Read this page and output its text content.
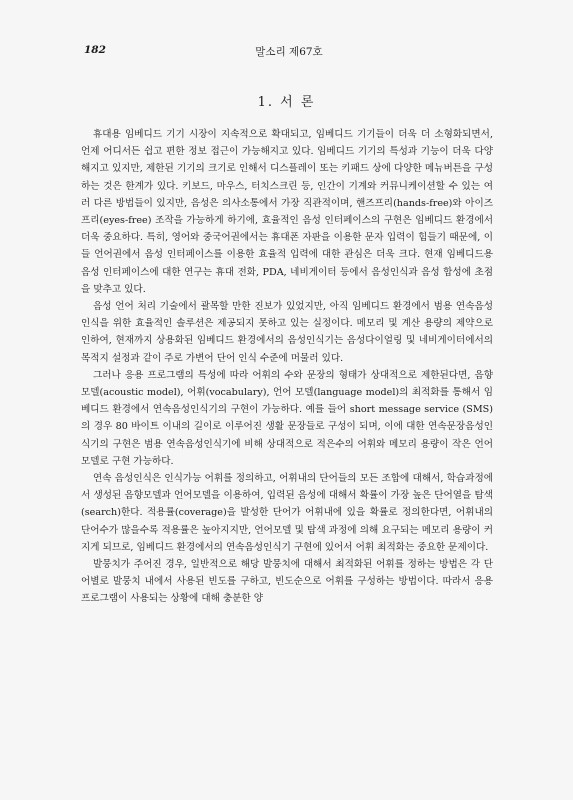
182	말소리 제67호
1. 서 론

휴대용 임베디드 기기 시장이 지속적으로 확대되고, 임베디드 기기들이 더욱 더 소형화되면서, 언제 어디서든 쉽고 편한 정보 접근이 가능해지고 있다. 임베디드 기기의 특성과 기능이 더욱 다양해지고 있지만, 제한된 기기의 크기로 인해서 디스플레이 또는 키패드 상에 다양한 메뉴버튼을 구성하는 것은 한계가 있다. 키보드, 마우스, 터치스크린 등, 인간이 기계와 커뮤니케이션할 수 있는 여러 다른 방법들이 있지만, 음성은 의사소통에서 가장 직관적이며, 핸즈프리(hands-free)와 아이즈프리(eyes-free) 조작을 가능하게 하기에, 효율적인 음성 인터페이스의 구현은 임베디드 환경에서 더욱 중요하다. 특히, 영어와 중국어권에서는 휴대폰 자판을 이용한 문자 입력이 힘들기 때문에, 이들 언어권에서 음성 인터페이스를 이용한 효율적 입력에 대한 관심은 더욱 크다. 현재 임베디드용 음성 인터페이스에 대한 연구는 휴대 전화, PDA, 네비게이터 등에서 음성인식과 음성 합성에 초점을 맞추고 있다.

음성 언어 처리 기술에서 괄목할 만한 진보가 있었지만, 아직 임베디드 환경에서 범용 연속음성인식을 위한 효율적인 솔루션은 제공되지 못하고 있는 실정이다. 메모리 및 계산 용량의 제약으로 인하여, 현재까지 상용화된 임베디드 환경에서의 음성인식기는 음성다이얼링 및 네비게이터에서의 목적지 설정과 같이 주로 가변어 단어 인식 수준에 머물러 있다.

그러나 응용 프로그램의 특성에 따라 어휘의 수와 문장의 형태가 상대적으로 제한된다면, 음향 모델(acoustic model), 어휘(vocabulary), 언어 모델(language model)의 최적화를 통해서 임베디드 환경에서 연속음성인식기의 구현이 가능하다. 예를 들어 short message service (SMS)의 경우 80 바이트 이내의 길이로 이루어진 생활 문장들로 구성이 되며, 이에 대한 연속문장음성인식기의 구현은 범용 연속음성인식기에 비해 상대적으로 적은수의 어휘와 메모리 용량이 작은 언어 모델로 구현 가능하다.

연속 음성인식은 인식가능 어휘를 정의하고, 어휘내의 단어들의 모든 조합에 대해서, 학습과정에서 생성된 음향모델과 언어모델을 이용하여, 입력된 음성에 대해서 확률이 가장 높은 단어열을 탐색(search)한다. 적용률(coverage)을 발성한 단어가 어휘내에 있을 확률로 정의한다면, 어휘내의 단어수가 많을수록 적용률은 높아지지만, 언어모델 및 탐색 과정에 의해 요구되는 메모리 용량이 커지게 되므로, 임베디드 환경에서의 연속음성인식기 구현에 있어서 어휘 최적화는 중요한 문제이다.

발뭉치가 주어진 경우, 일반적으로 해당 발뭉치에 대해서 최적화된 어휘를 정하는 방법은 각 단어별로 발뭉치 내에서 사용된 빈도를 구하고, 빈도순으로 어휘를 구성하는 방법이다. 따라서 응용 프로그램이 사용되는 상황에 대해 충분한 양
